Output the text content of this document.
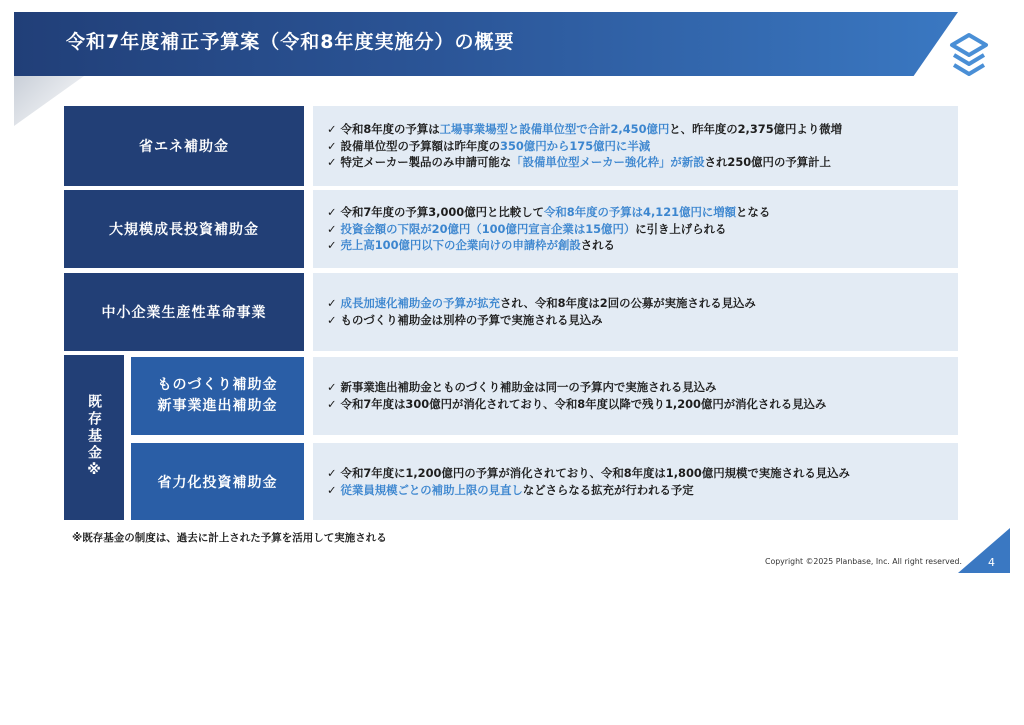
令和7年度補正予算案（令和8年度実施分）の概要
省エネ補助金
大規模成長投資補助金
中小企業生産性革命事業
既存基金※
ものづくり補助金
新事業進出補助金
省力化投資補助金
✓ 令和8年度の予算は工場事業場型と設備単位型で合計2,450億円と、昨年度の2,375億円より微増
✓ 設備単位型の予算額は昨年度の350億円から175億円に半減
✓ 特定メーカー製品のみ申請可能な「設備単位型メーカー強化枠」が新設され250億円の予算計上
✓ 令和7年度の予算3,000億円と比較して令和8年度の予算は4,121億円に増額となる
✓ 投資金額の下限が20億円（100億円宣言企業は15億円）に引き上げられる
✓ 売上高100億円以下の企業向けの申請枠が創設される
✓ 成長加速化補助金の予算が拡充され、令和8年度は2回の公募が実施される見込み
✓ ものづくり補助金は別枠の予算で実施される見込み
✓ 新事業進出補助金とものづくり補助金は同一の予算内で実施される見込み
✓ 令和7年度は300億円が消化されており、令和8年度以降で残り1,200億円が消化される見込み
✓ 令和7年度に1,200億円の予算が消化されており、令和8年度は1,800億円規模で実施される見込み
✓ 従業員規模ごとの補助上限の見直しなどさらなる拡充が行われる予定
※既存基金の制度は、過去に計上された予算を活用して実施される
Copyright ©2025 Planbase, Inc. All right reserved. 4
